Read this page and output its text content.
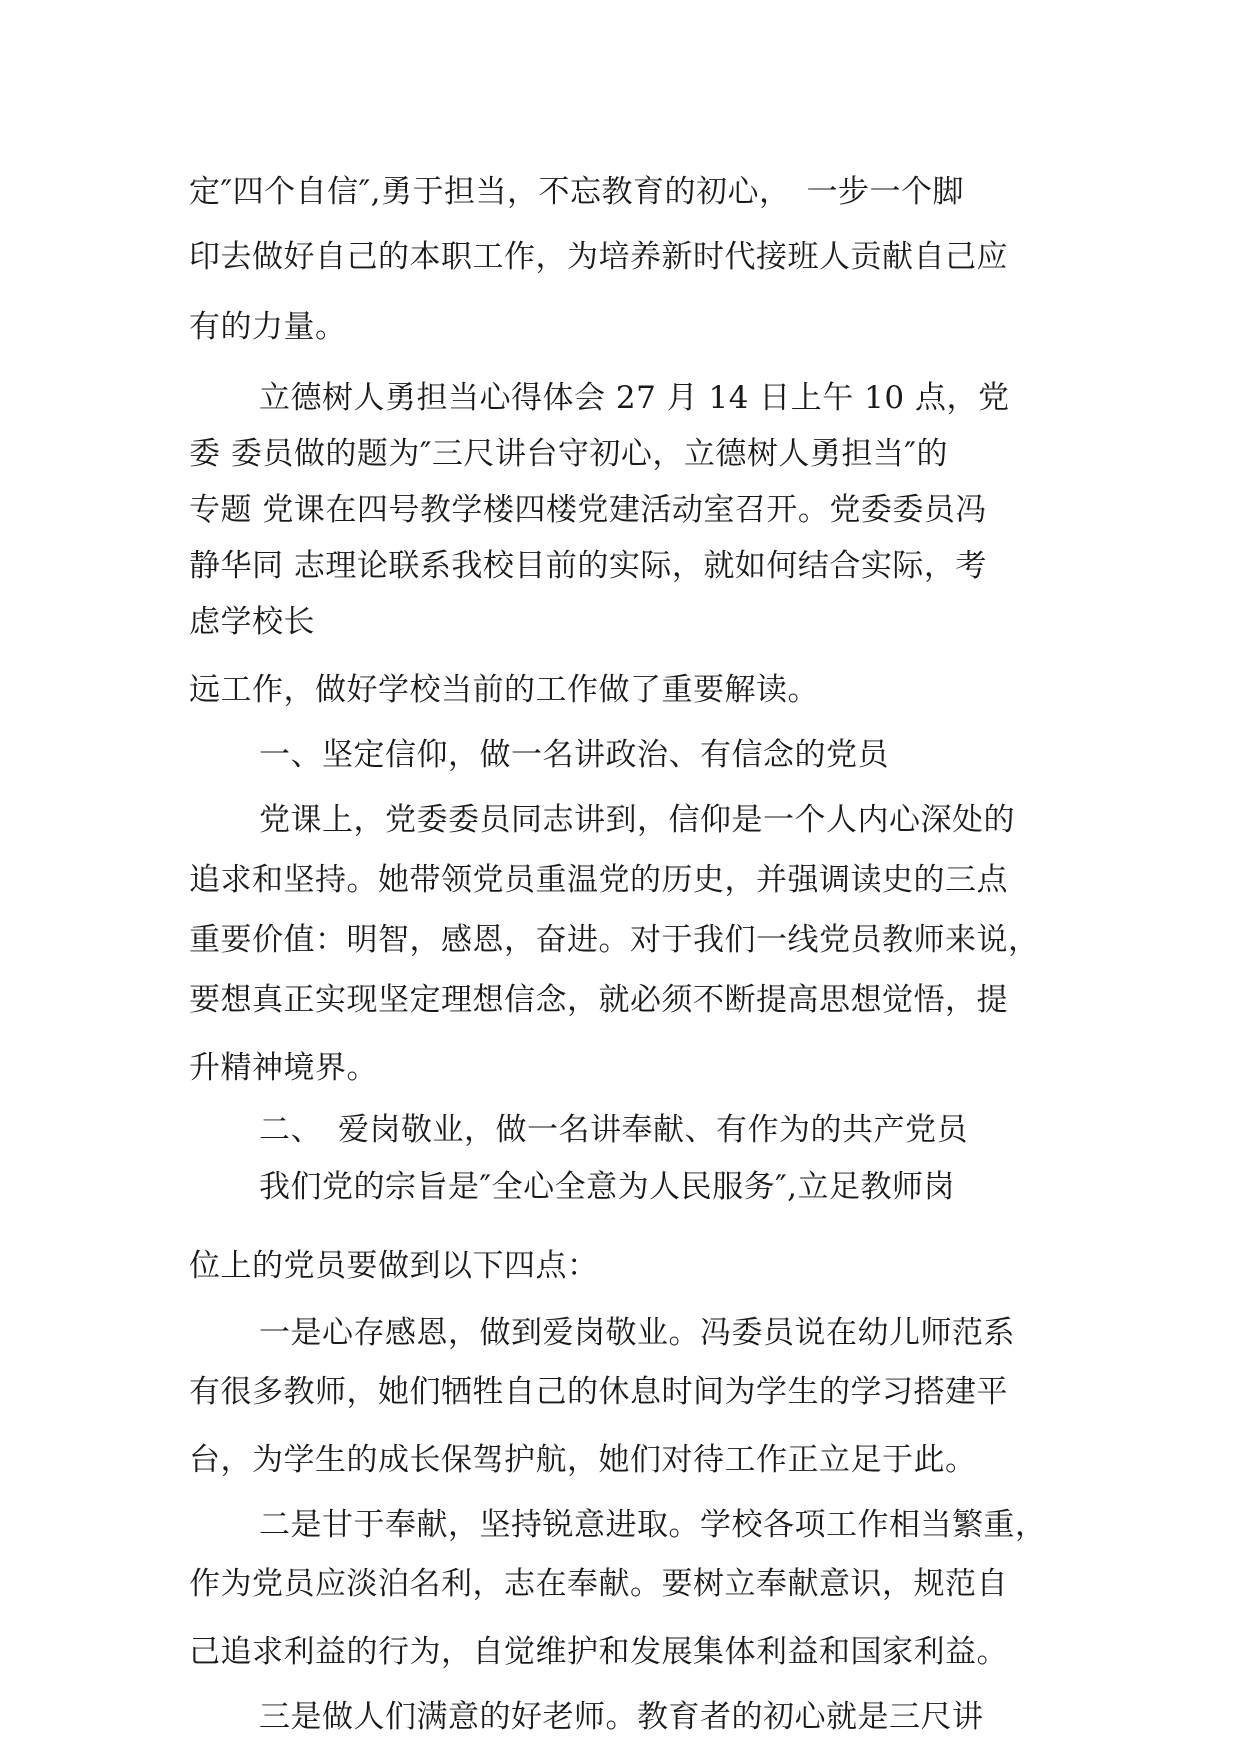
定″四个自信″,勇于担当，不忘教育的初心，　一步一个脚
印去做好自己的本职工作，为培养新时代接班人贡献自己应
有的力量。
立德树人勇担当心得体会 27 月 14 日上午 10 点，党
委 委员做的题为″三尺讲台守初心，立德树人勇担当″的
专题 党课在四号教学楼四楼党建活动室召开。党委委员冯
静华同 志理论联系我校目前的实际，就如何结合实际，考
虑学校长
远工作，做好学校当前的工作做了重要解读。
一、坚定信仰，做一名讲政治、有信念的党员
党课上，党委委员同志讲到，信仰是一个人内心深处的
追求和坚持。她带领党员重温党的历史，并强调读史的三点
重要价值：明智，感恩，奋进。对于我们一线党员教师来说，
要想真正实现坚定理想信念，就必须不断提高思想觉悟，提
升精神境界。
二、　爱岗敬业，做一名讲奉献、有作为的共产党员
我们党的宗旨是″全心全意为人民服务″,立足教师岗
位上的党员要做到以下四点：
一是心存感恩，做到爱岗敬业。冯委员说在幼儿师范系
有很多教师，她们牺牲自己的休息时间为学生的学习搭建平
台，为学生的成长保驾护航，她们对待工作正立足于此。
二是甘于奉献，坚持锐意进取。学校各项工作相当繁重，
作为党员应淡泊名利，志在奉献。要树立奉献意识，规范自
己追求利益的行为，自觉维护和发展集体利益和国家利益。
三是做人们满意的好老师。教育者的初心就是三尺讲
